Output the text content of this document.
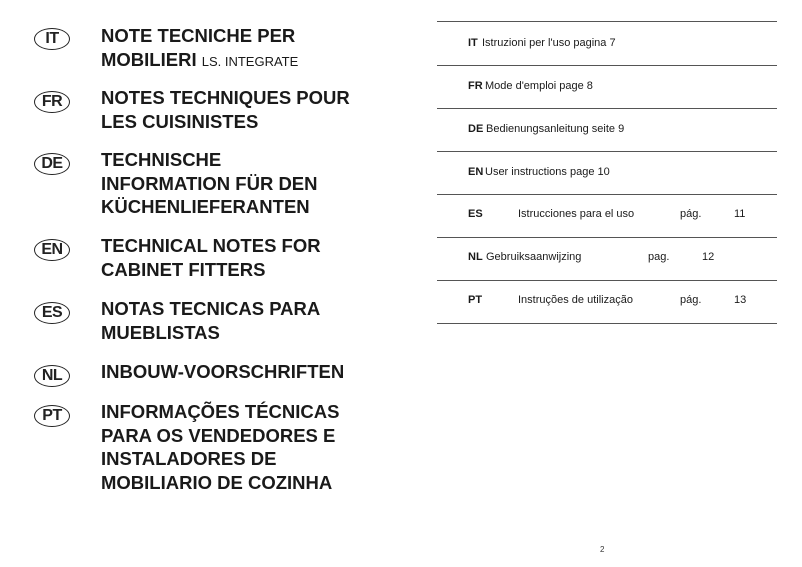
IT	NOTE TECNICHE PER
MOBILIERI LS. INTEGRATE
FR	NOTES TECHNIQUES POUR
LES CUISINISTES
DE	TECHNISCHE
INFORMATION FÜR DEN
KÜCHENLIEFERANTEN
EN	TECHNICAL NOTES FOR
CABINET FITTERS
ES	NOTAS TECNICAS PARA
MUEBLISTAS
NL	INBOUW-VOORSCHRIFTEN
PT	INFORMAÇÕES TÉCNICAS
PARA OS VENDEDORES E
INSTALADORES DE
MOBILIARIO DE COZINHA
IT Istruzioni per l'uso pagina 7
FR Mode d'emploi page 8
DE Bedienungsanleitung seite 9
EN User instructions page 10
ES	Istrucciones para el uso	pág.	11
NL Gebruiksaanwijzing	pag.	12
PT	Instruções de utilização	pág.	13
2
